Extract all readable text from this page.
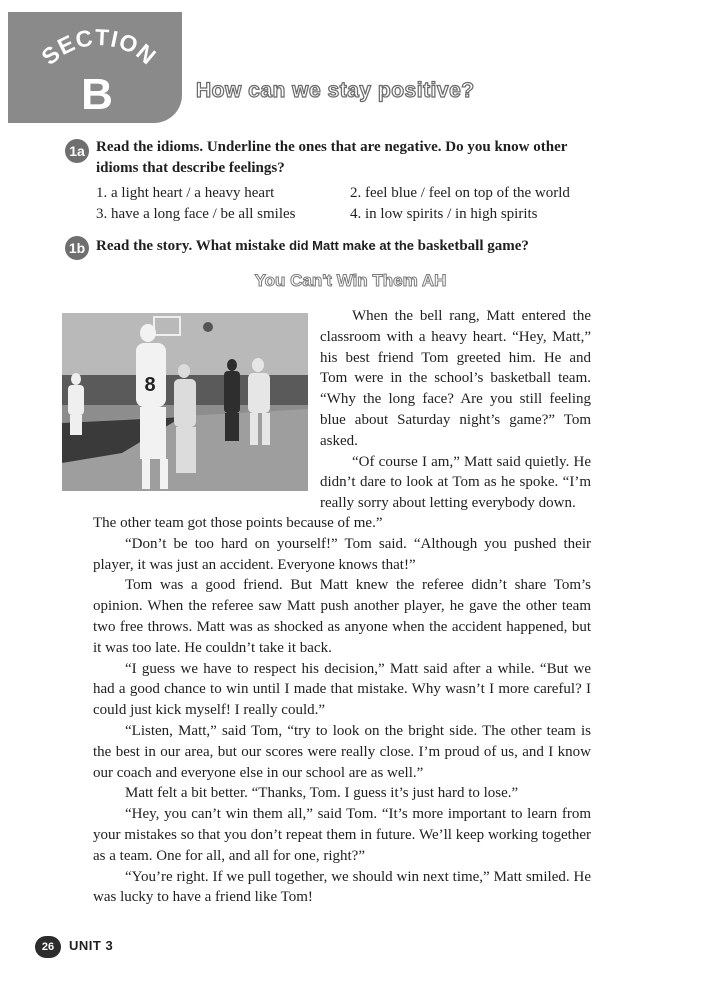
SECTION
B	How can we stay positive?
1a Read the idioms. Underline the ones that are negative. Do you know other idioms that describe feelings?
1. a light heart / a heavy heart	2. feel blue / feel on top of the world
3. have a long face / be all smiles	4. in low spirits / in high spirits
1b Read the story. What mistake did Matt make at the basketball game?
You Can't Win Them AH
8

When the bell rang, Matt entered the classroom with a heavy heart. “Hey, Matt,” his best friend Tom greeted him. He and Tom were in the school’s basketball team. “Why the long face? Are you still feeling blue about Saturday night’s game?” Tom asked.

“Of course I am,” Matt said quietly. He didn’t dare to look at Tom as he spoke. “I’m really sorry about letting everybody down.

The other team got those points because of me.”

“Don’t be too hard on yourself!” Tom said. “Although you pushed their player, it was just an accident. Everyone knows that!”

Tom was a good friend. But Matt knew the referee didn’t share Tom’s opinion. When the referee saw Matt push another player, he gave the other team two free throws. Matt was as shocked as anyone when the accident happened, but it was too late. He couldn’t take it back.

“I guess we have to respect his decision,” Matt said after a while. “But we had a good chance to win until I made that mistake. Why wasn’t I more careful? I could just kick myself! I really could.”

“Listen, Matt,” said Tom, “try to look on the bright side. The other team is the best in our area, but our scores were really close. I’m proud of us, and I know our coach and everyone else in our school are as well.”

Matt felt a bit better. “Thanks, Tom. I guess it’s just hard to lose.”

“Hey, you can’t win them all,” said Tom. “It’s more important to learn from your mistakes so that you don’t repeat them in future. We’ll keep working together as a team. One for all, and all for one, right?”

“You’re right. If we pull together, we should win next time,” Matt smiled. He was lucky to have a friend like Tom!

26	UNIT 3
